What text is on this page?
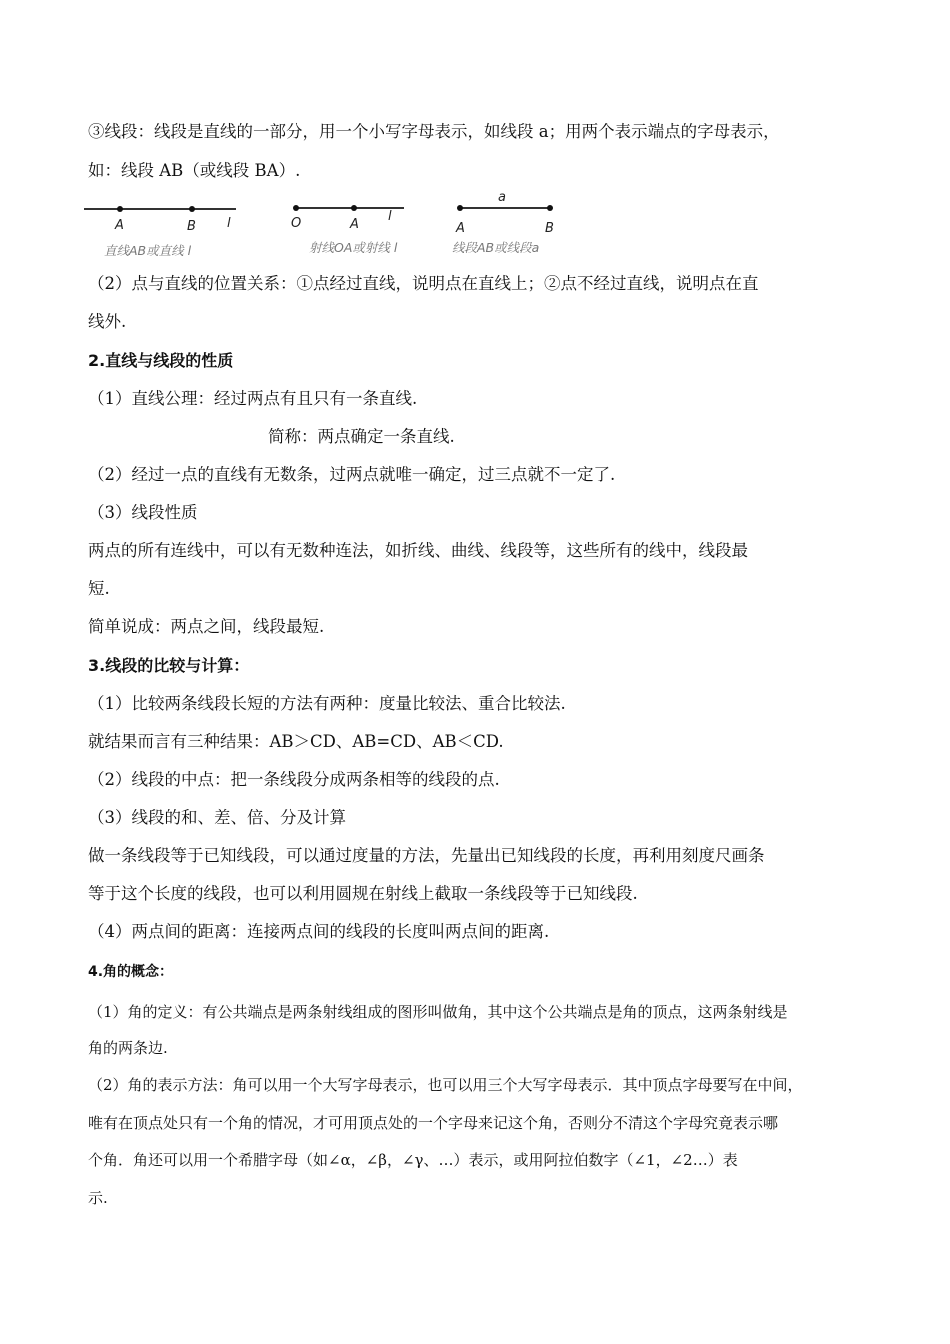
③线段：线段是直线的一部分，用一个小写字母表示，如线段 a；用两个表示端点的字母表示，
如：线段 AB（或线段 BA）.
A	B l
直线AB或直线 l
O	A
l
射线OA或射线 l
a
A	B
线段AB或线段a
（2）点与直线的位置关系：①点经过直线，说明点在直线上；②点不经过直线，说明点在直
线外.
2.直线与线段的性质
（1）直线公理：经过两点有且只有一条直线.
简称：两点确定一条直线.
（2）经过一点的直线有无数条，过两点就唯一确定，过三点就不一定了.
（3）线段性质
两点的所有连线中，可以有无数种连法，如折线、曲线、线段等，这些所有的线中，线段最
短.
简单说成：两点之间，线段最短.
3.线段的比较与计算：
（1）比较两条线段长短的方法有两种：度量比较法、重合比较法.
就结果而言有三种结果：AB＞CD、AB=CD、AB＜CD.
（2）线段的中点：把一条线段分成两条相等的线段的点.
（3）线段的和、差、倍、分及计算
做一条线段等于已知线段，可以通过度量的方法，先量出已知线段的长度，再利用刻度尺画条
等于这个长度的线段，也可以利用圆规在射线上截取一条线段等于已知线段.
（4）两点间的距离：连接两点间的线段的长度叫两点间的距离.
4.角的概念：
（1）角的定义：有公共端点是两条射线组成的图形叫做角，其中这个公共端点是角的顶点，这两条射线是
角的两条边.
（2）角的表示方法：角可以用一个大写字母表示，也可以用三个大写字母表示．其中顶点字母要写在中间，
唯有在顶点处只有一个角的情况，才可用顶点处的一个字母来记这个角，否则分不清这个字母究竟表示哪
个角．角还可以用一个希腊字母（如∠α，∠β，∠γ、…）表示，或用阿拉伯数字（∠1，∠2…）表
示.
